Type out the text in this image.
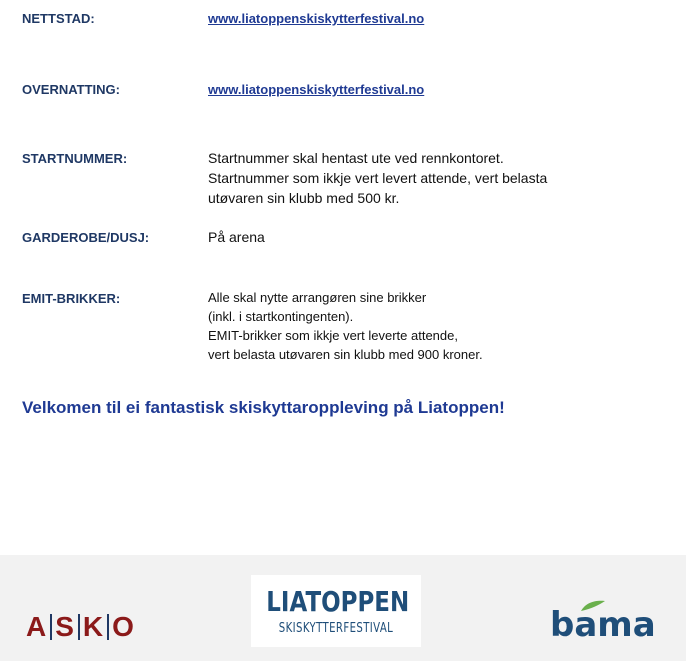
NETTSTAD:	www.liatoppenskiskytterfestival.no
OVERNATTING:	www.liatoppenskiskytterfestival.no
STARTNUMMER:	Startnummer skal hentast ute ved rennkontoret.
Startnummer som ikkje vert levert attende, vert belasta
utøvaren sin klubb med 500 kr.
GARDEROBE/DUSJ:	På arena
EMIT-BRIKKER:	Alle skal nytte arrangøren sine brikker
(inkl. i startkontingenten).
EMIT-brikker som ikkje vert leverte attende,
vert belasta utøvaren sin klubb med 900 kroner.
Velkomen til ei fantastisk skiskyttaroppleving på Liatoppen!
A S K O
LIATOPPEN
SKISKYTTERFESTIVAL	bama
